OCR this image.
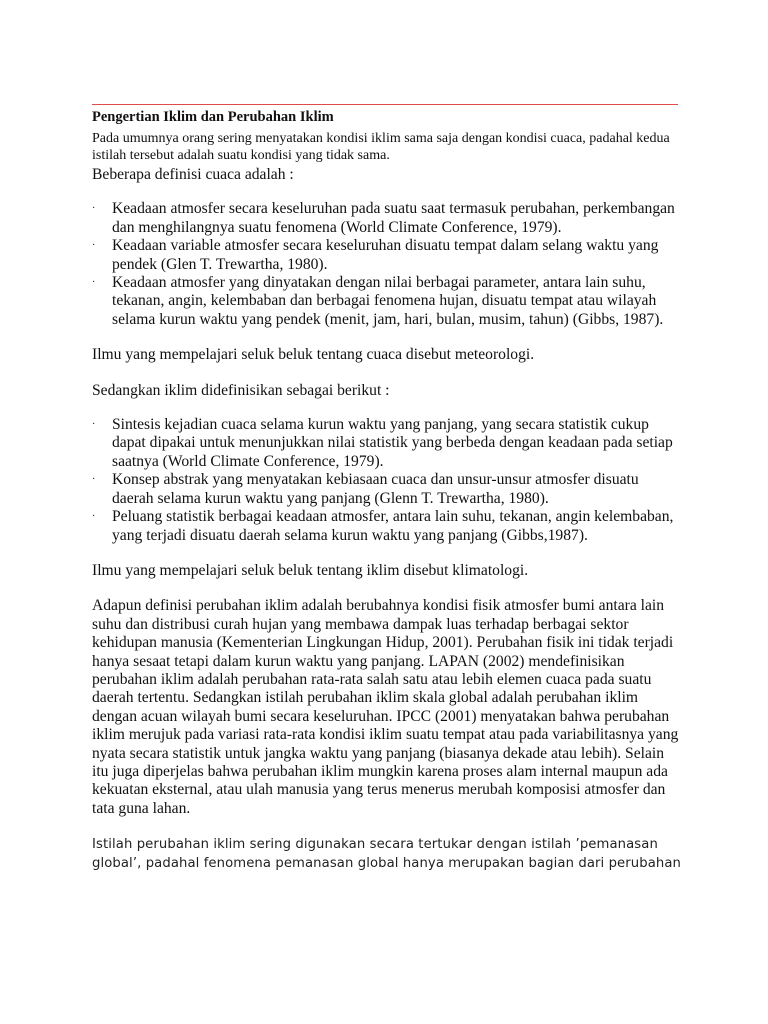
Pengertian Iklim dan Perubahan Iklim

Pada umumnya orang sering menyatakan kondisi iklim sama saja dengan kondisi cuaca, padahal kedua istilah tersebut adalah suatu kondisi yang tidak sama.

Beberapa definisi cuaca adalah :

· Keadaan atmosfer secara keseluruhan pada suatu saat termasuk perubahan, perkembangan dan menghilangnya suatu fenomena (World Climate Conference, 1979).
· Keadaan variable atmosfer secara keseluruhan disuatu tempat dalam selang waktu yang pendek (Glen T. Trewartha, 1980).
· Keadaan atmosfer yang dinyatakan dengan nilai berbagai parameter, antara lain suhu, tekanan, angin, kelembaban dan berbagai fenomena hujan, disuatu tempat atau wilayah selama kurun waktu yang pendek (menit, jam, hari, bulan, musim, tahun) (Gibbs, 1987).

Ilmu yang mempelajari seluk beluk tentang cuaca disebut meteorologi.

Sedangkan iklim didefinisikan sebagai berikut :

· Sintesis kejadian cuaca selama kurun waktu yang panjang, yang secara statistik cukup dapat dipakai untuk menunjukkan nilai statistik yang berbeda dengan keadaan pada setiap saatnya (World Climate Conference, 1979).
· Konsep abstrak yang menyatakan kebiasaan cuaca dan unsur-unsur atmosfer disuatu daerah selama kurun waktu yang panjang (Glenn T. Trewartha, 1980).
· Peluang statistik berbagai keadaan atmosfer, antara lain suhu, tekanan, angin kelembaban, yang terjadi disuatu daerah selama kurun waktu yang panjang (Gibbs,1987).

Ilmu yang mempelajari seluk beluk tentang iklim disebut klimatologi.

Adapun definisi perubahan iklim adalah berubahnya kondisi fisik atmosfer bumi antara lain suhu dan distribusi curah hujan yang membawa dampak luas terhadap berbagai sektor kehidupan manusia (Kementerian Lingkungan Hidup, 2001). Perubahan fisik ini tidak terjadi hanya sesaat tetapi dalam kurun waktu yang panjang. LAPAN (2002) mendefinisikan perubahan iklim adalah perubahan rata-rata salah satu atau lebih elemen cuaca pada suatu daerah tertentu. Sedangkan istilah perubahan iklim skala global adalah perubahan iklim dengan acuan wilayah bumi secara keseluruhan. IPCC (2001) menyatakan bahwa perubahan iklim merujuk pada variasi rata-rata kondisi iklim suatu tempat atau pada variabilitasnya yang nyata secara statistik untuk jangka waktu yang panjang (biasanya dekade atau lebih). Selain itu juga diperjelas bahwa perubahan iklim mungkin karena proses alam internal maupun ada kekuatan eksternal, atau ulah manusia yang terus menerus merubah komposisi atmosfer dan tata guna lahan.

Istilah perubahan iklim sering digunakan secara tertukar dengan istilah ’pemanasan global’, padahal fenomena pemanasan global hanya merupakan bagian dari perubahan
